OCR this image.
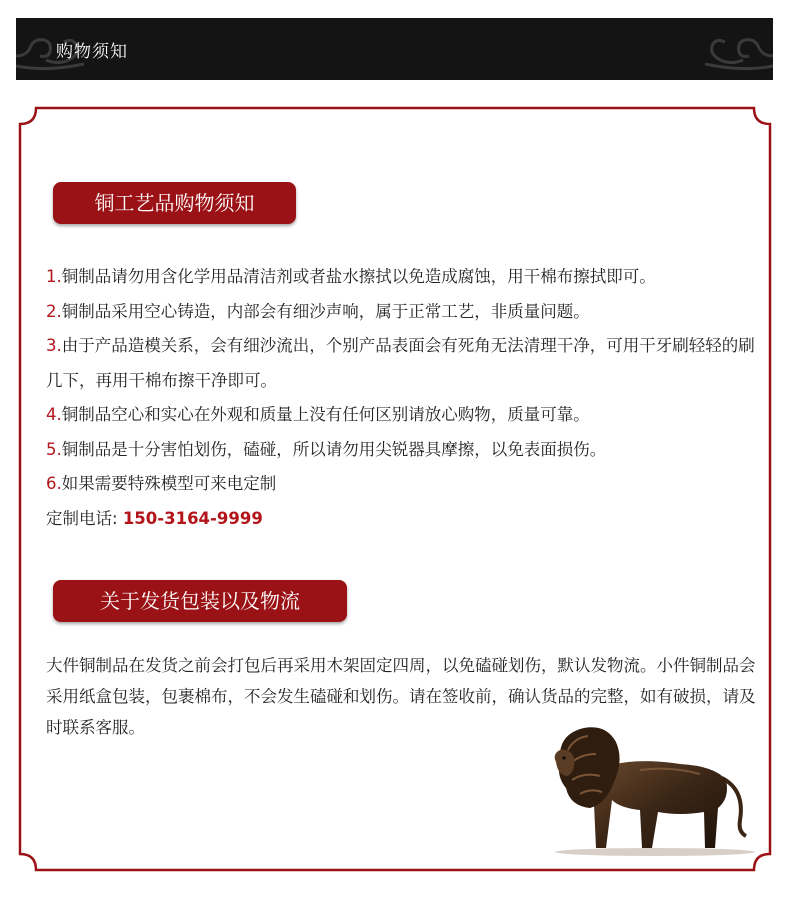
购物须知
铜工艺品购物须知

1.铜制品请勿用含化学用品清洁剂或者盐水擦拭以免造成腐蚀，用干棉布擦拭即可。

2.铜制品采用空心铸造，内部会有细沙声响，属于正常工艺，非质量问题。

3.由于产品造模关系，会有细沙流出，个别产品表面会有死角无法清理干净，可用干牙刷轻轻的刷几下，再用干棉布擦干净即可。

4.铜制品空心和实心在外观和质量上没有任何区别请放心购物，质量可靠。

5.铜制品是十分害怕划伤，磕碰，所以请勿用尖锐器具摩擦，以免表面损伤。

6.如果需要特殊模型可来电定制

定制电话: 150-3164-9999

关于发货包装以及物流
大件铜制品在发货之前会打包后再采用木架固定四周，以免磕碰划伤，默认发物流。小件铜制品会采用纸盒包装，包裹棉布，不会发生磕碰和划伤。请在签收前，确认货品的完整，如有破损，请及时联系客服。
